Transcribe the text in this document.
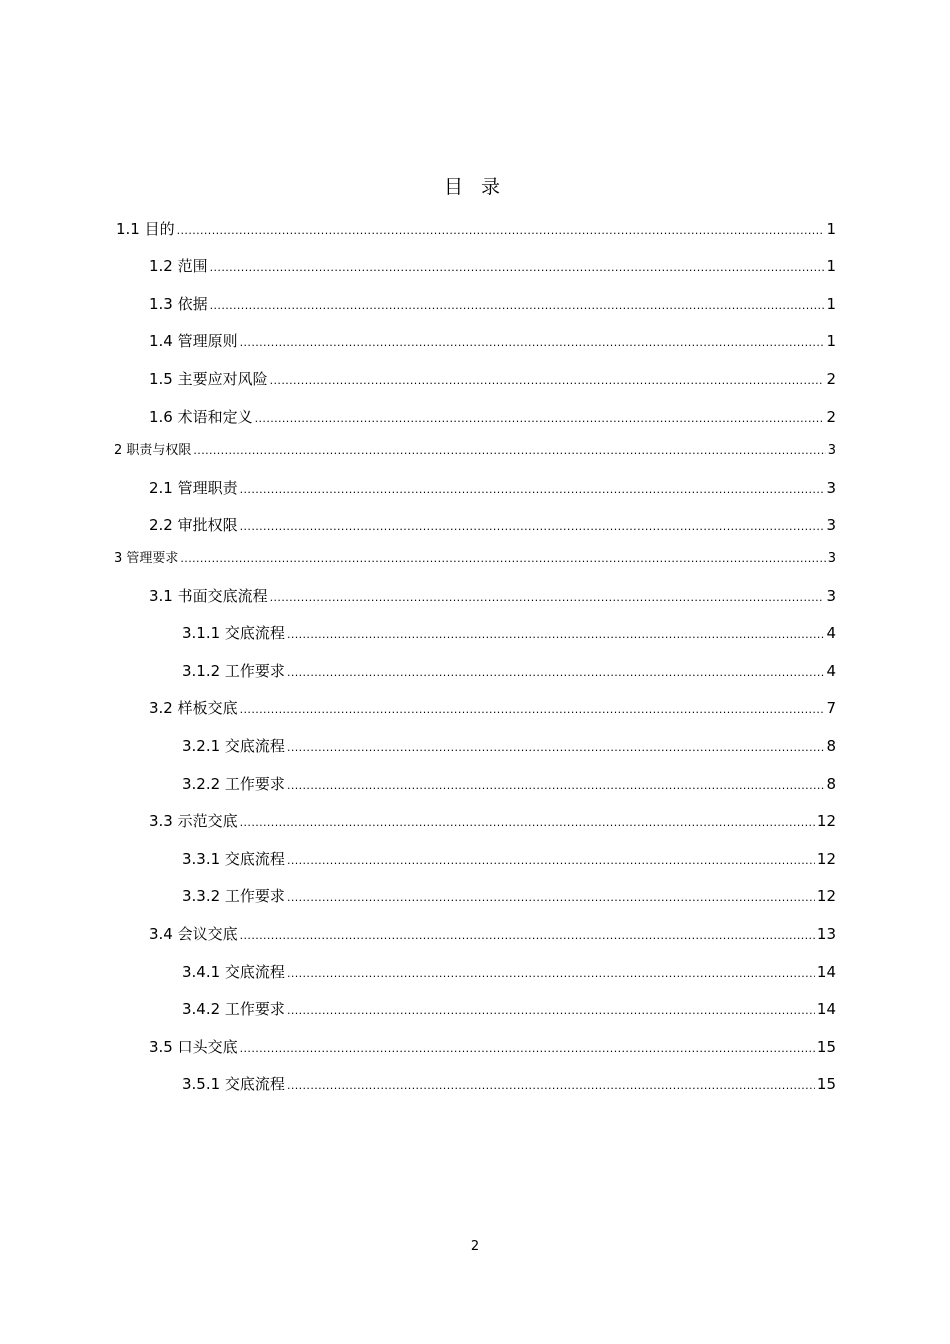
目 录
1.1 目的 .....	1
1.2 范围 .....	1
1.3 依据 .....	1
1.4 管理原则 .....	1
1.5 主要应对风险 .....	2
1.6 术语和定义 .....	2
2 职责与权限 .....	3
2.1 管理职责 .....	3
2.2 审批权限 .....	3
3 管理要求 .....	3
3.1 书面交底流程 .....	3
3.1.1 交底流程 .....	4
3.1.2 工作要求 .....	4
3.2 样板交底 .....	7
3.2.1 交底流程 .....	8
3.2.2 工作要求 .....	8
3.3 示范交底 .....	12
3.3.1 交底流程 .....	12
3.3.2 工作要求 .....	12
3.4 会议交底 .....	13
3.4.1 交底流程 .....	14
3.4.2 工作要求 .....	14
3.5 口头交底 .....	15
3.5.1 交底流程 .....	15
2
